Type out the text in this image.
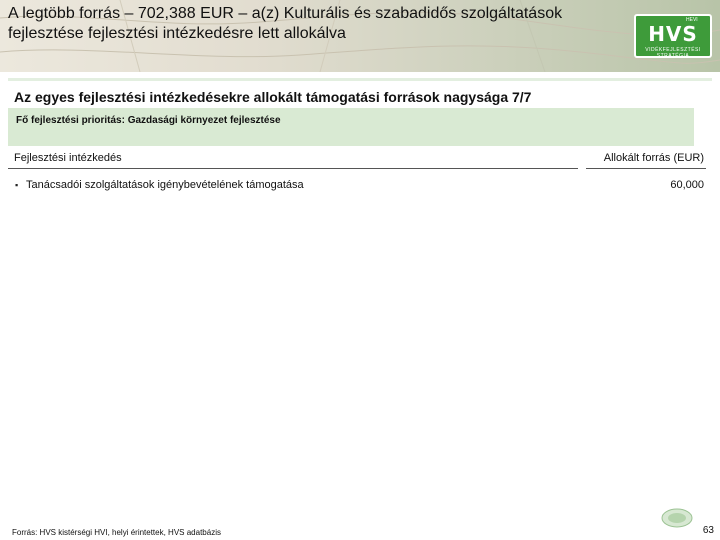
A legtöbb forrás – 702,388 EUR – a(z) Kulturális és szabadidős szolgáltatások
fejlesztése fejlesztési intézkedésre lett allokálva
HEVI
HVS
VIDÉKFEJLESZTÉSI STRATÉGIA
Az egyes fejlesztési intézkedésekre allokált támogatási források nagysága 7/7
Fő fejlesztési prioritás: Gazdasági környezet fejlesztése
Fejlesztési intézkedés	Allokált forrás (EUR)
▪ Tanácsadói szolgáltatások igénybevételének támogatása	60,000
Forrás: HVS kistérségi HVI, helyi érintettek, HVS adatbázis	63
